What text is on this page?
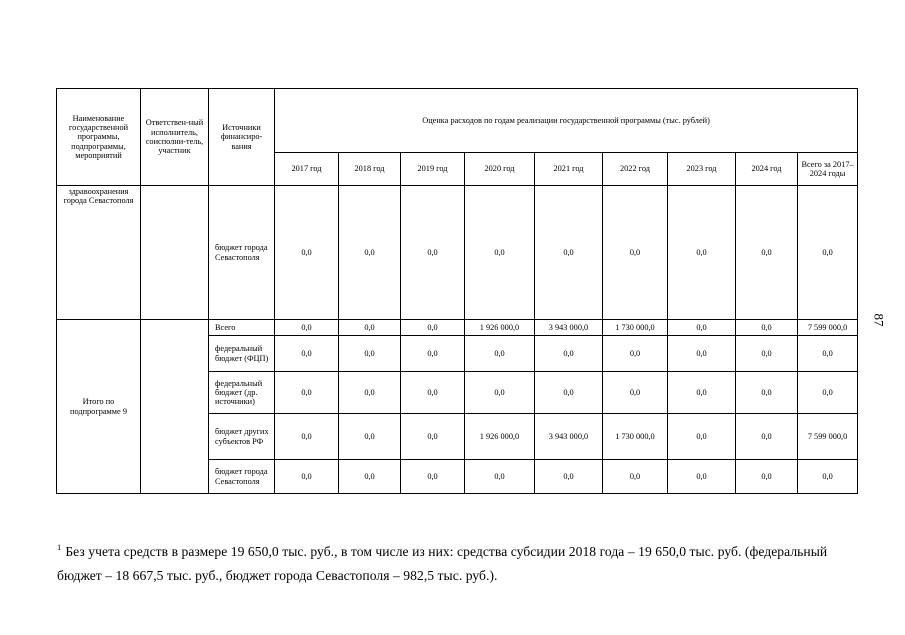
Наименование государственной программы, подпрограммы, мероприятий	Ответствен-ный исполнитель, соисполни-тель, участник	Источники финансиро-вания	Оценка расходов по годам реализации государственной программы (тыс. рублей)								
			2017 год	2018 год	2019 год	2020 год	2021 год	2022 год	2023 год	2024 год	Всего за 2017–2024 годы
здравоохранения города Севастополя		бюджет города Севастополя	0,0	0,0	0,0	0,0	0,0	0,0	0,0	0,0	0,0
Итого по подпрограмме 9		Всего	0,0	0,0	0,0	1 926 000,0	3 943 000,0	1 730 000,0	0,0	0,0	7 599 000,0
		федеральный бюджет (ФЦП)	0,0	0,0	0,0	0,0	0,0	0,0	0,0	0,0	0,0
		федеральный бюджет (др. источники)	0,0	0,0	0,0	0,0	0,0	0,0	0,0	0,0	0,0
		бюджет других субъектов РФ	0,0	0,0	0,0	1 926 000,0	3 943 000,0	1 730 000,0	0,0	0,0	7 599 000,0
		бюджет города Севастополя	0,0	0,0	0,0	0,0	0,0	0,0	0,0	0,0	0,0
$^1$ Без учета средств в размере 19 650,0 тыс. руб., в том числе из них: средства субсидии 2018 года – 19 650,0 тыс. руб. (федеральный бюджет – 18 667,5 тыс. руб., бюджет города Севастополя – 982,5 тыс. руб.).
87
